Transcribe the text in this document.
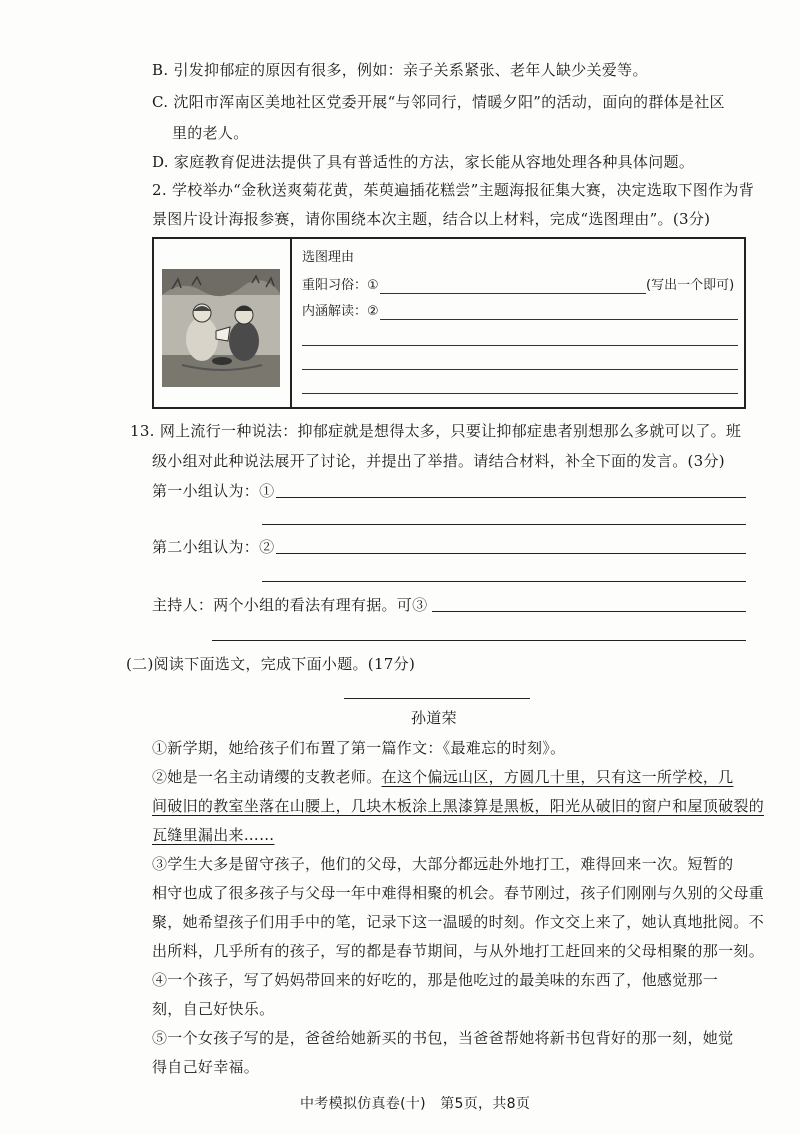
B. 引发抑郁症的原因有很多，例如：亲子关系紧张、老年人缺少关爱等。
C. 沈阳市浑南区美地社区党委开展“与邻同行，情暖夕阳”的活动，面向的群体是社区
里的老人。
D. 家庭教育促进法提供了具有普适性的方法，家长能从容地处理各种具体问题。
2. 学校举办“金秋送爽菊花黄，茱萸遍插花糕尝”主题海报征集大赛，决定选取下图作为背
景图片设计海报参赛，请你围绕本次主题，结合以上材料，完成“选图理由”。(3分)
选图理由
重阳习俗：①	(写出一个即可)
内涵解读：②
13. 网上流行一种说法：抑郁症就是想得太多，只要让抑郁症患者别想那么多就可以了。班
级小组对此种说法展开了讨论，并提出了举措。请结合材料，补全下面的发言。(3分)
第一小组认为：①
第二小组认为：②
主持人：两个小组的看法有理有据。可③
(二)阅读下面选文，完成下面小题。(17分)
孙道荣
①新学期，她给孩子们布置了第一篇作文：《最难忘的时刻》。
②她是一名主动请缨的支教老师。在这个偏远山区，方圆几十里，只有这一所学校，几
间破旧的教室坐落在山腰上，几块木板涂上黑漆算是黑板，阳光从破旧的窗户和屋顶破裂的
瓦缝里漏出来……
③学生大多是留守孩子，他们的父母，大部分都远赴外地打工，难得回来一次。短暂的
相守也成了很多孩子与父母一年中难得相聚的机会。春节刚过，孩子们刚刚与久别的父母重
聚，她希望孩子们用手中的笔，记录下这一温暖的时刻。作文交上来了，她认真地批阅。不
出所料，几乎所有的孩子，写的都是春节期间，与从外地打工赶回来的父母相聚的那一刻。
④一个孩子，写了妈妈带回来的好吃的，那是他吃过的最美味的东西了，他感觉那一
刻，自己好快乐。
⑤一个女孩子写的是，爸爸给她新买的书包，当爸爸帮她将新书包背好的那一刻，她觉
得自己好幸福。
中考模拟仿真卷(十)　第5页，共8页
